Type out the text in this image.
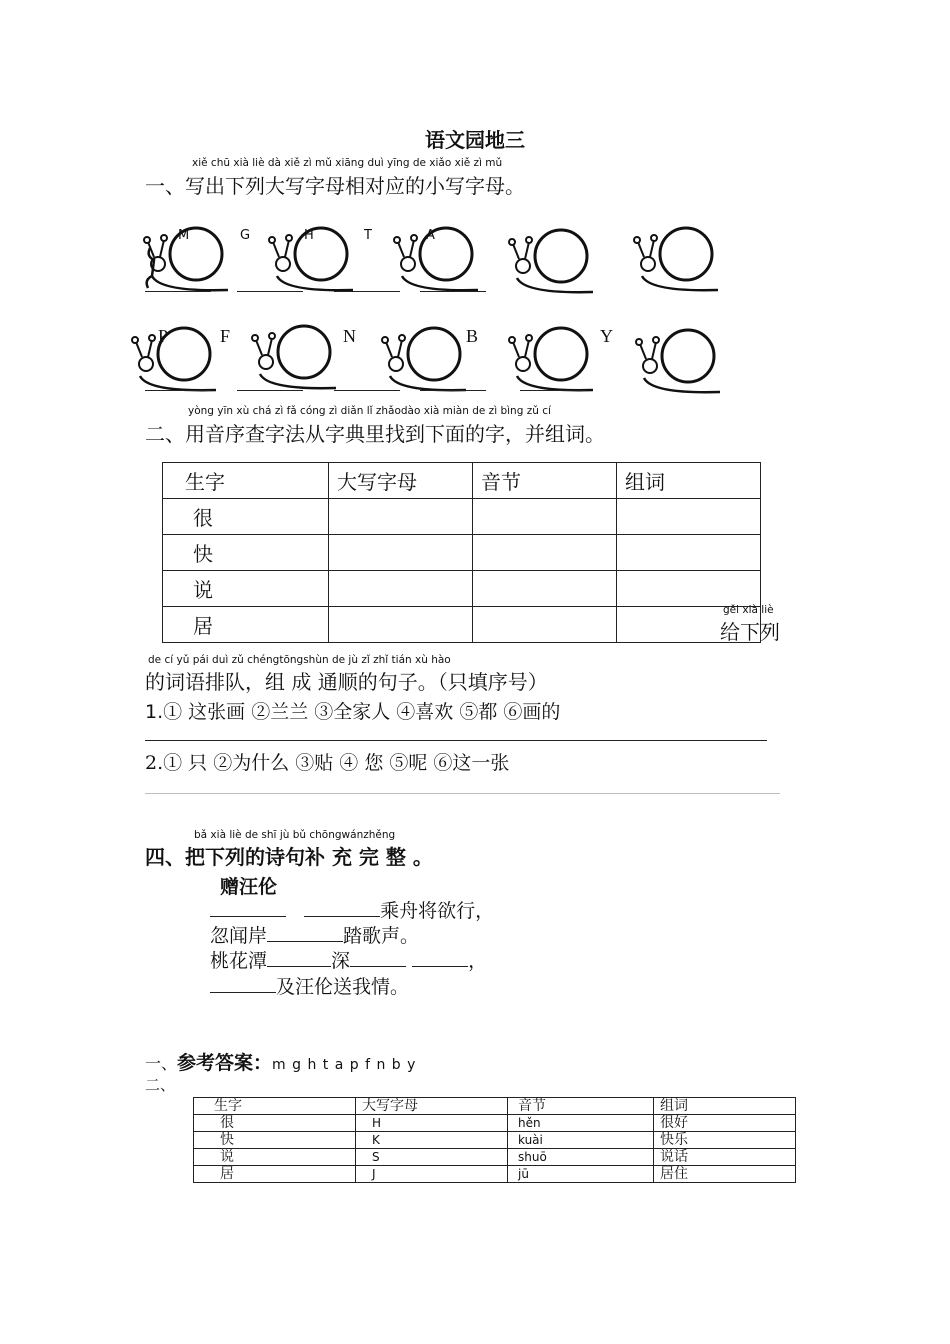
语文园地三
xiě chū xià liè dà xiě zì mǔ xiāng duì yīng de xiǎo xiě zì mǔ
一、写出下列大写字母相对应的小写字母。
M	G	H	T	A
P	F	N	B	Y
yòng yīn xù chá zì fǎ cóng zì diǎn lǐ zhǎodào xià miàn de zì bìng zǔ cí
二、用音序查字法从字典里找到下面的字，并组词。
生字	大写字母	音节	组词
很			
快			
说			
居			
gěi xià liè
给下列
de cí yǔ pái duì zǔ chéngtōngshùn de jù zǐ zhǐ tián xù hào
的词语排队，组 成 通顺的句子。（只填序号）
1.① 这张画 ②兰兰 ③全家人 ④喜欢 ⑤都 ⑥画的
2.① 只 ②为什么 ③贴 ④ 您 ⑤呢 ⑥这一张
bǎ xià liè de shī jù bǔ chōngwánzhěng
四、把下列的诗句补 充 完 整 。
赠汪伦
乘舟将欲行，
忽闻岸	踏歌声。
桃花潭	深	，
及汪伦送我情。
一、参考答案：m g h t a p f n b y
二、
生字	大写字母	音节	组词
很	H	hěn	很好
快	K	kuài	快乐
说	S	shuō	说话
居	J	jū	居住
